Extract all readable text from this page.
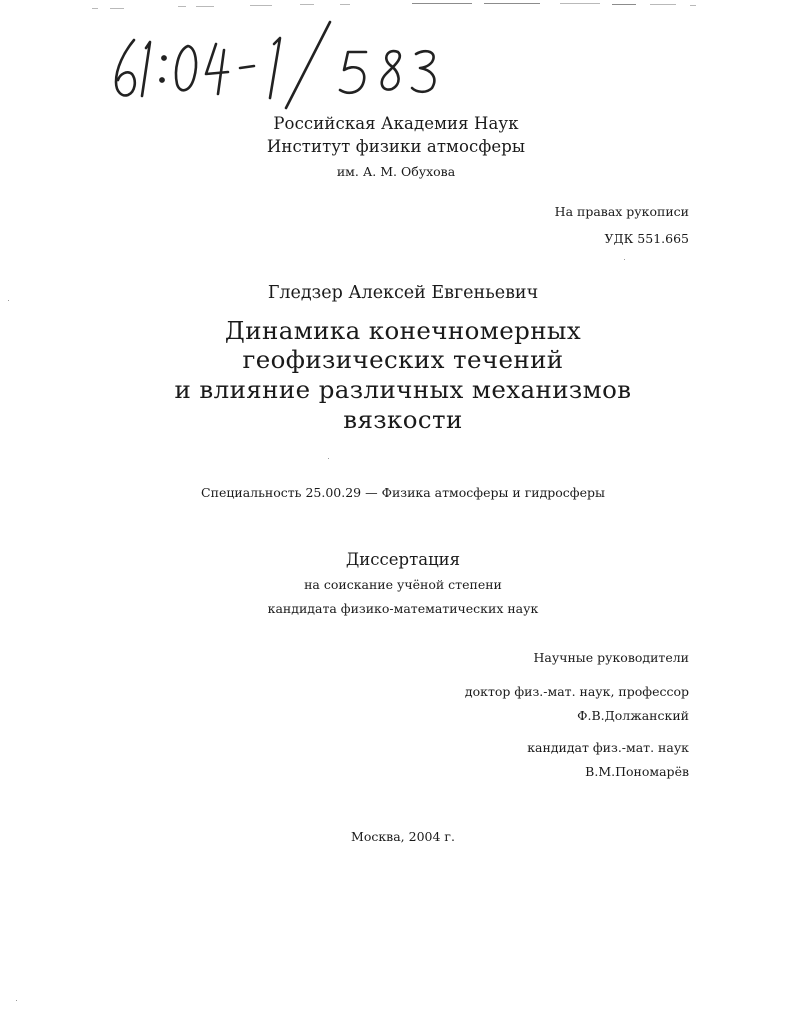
Российская Академия Наук
Институт физики атмосферы
им. А. М. Обухова
На правах рукописи
УДК 551.665
Гледзер Алексей Евгеньевич
Динамика конечномерных
геофизических течений
и влияние различных механизмов
вязкости
Специальность 25.00.29 — Физика атмосферы и гидросферы
Диссертация
на соискание учёной степени
кандидата физико-математических наук
Научные руководители
доктор физ.-мат. наук, профессор
Ф.В.Должанский
кандидат физ.-мат. наук
В.М.Пономарёв
Москва, 2004 г.
